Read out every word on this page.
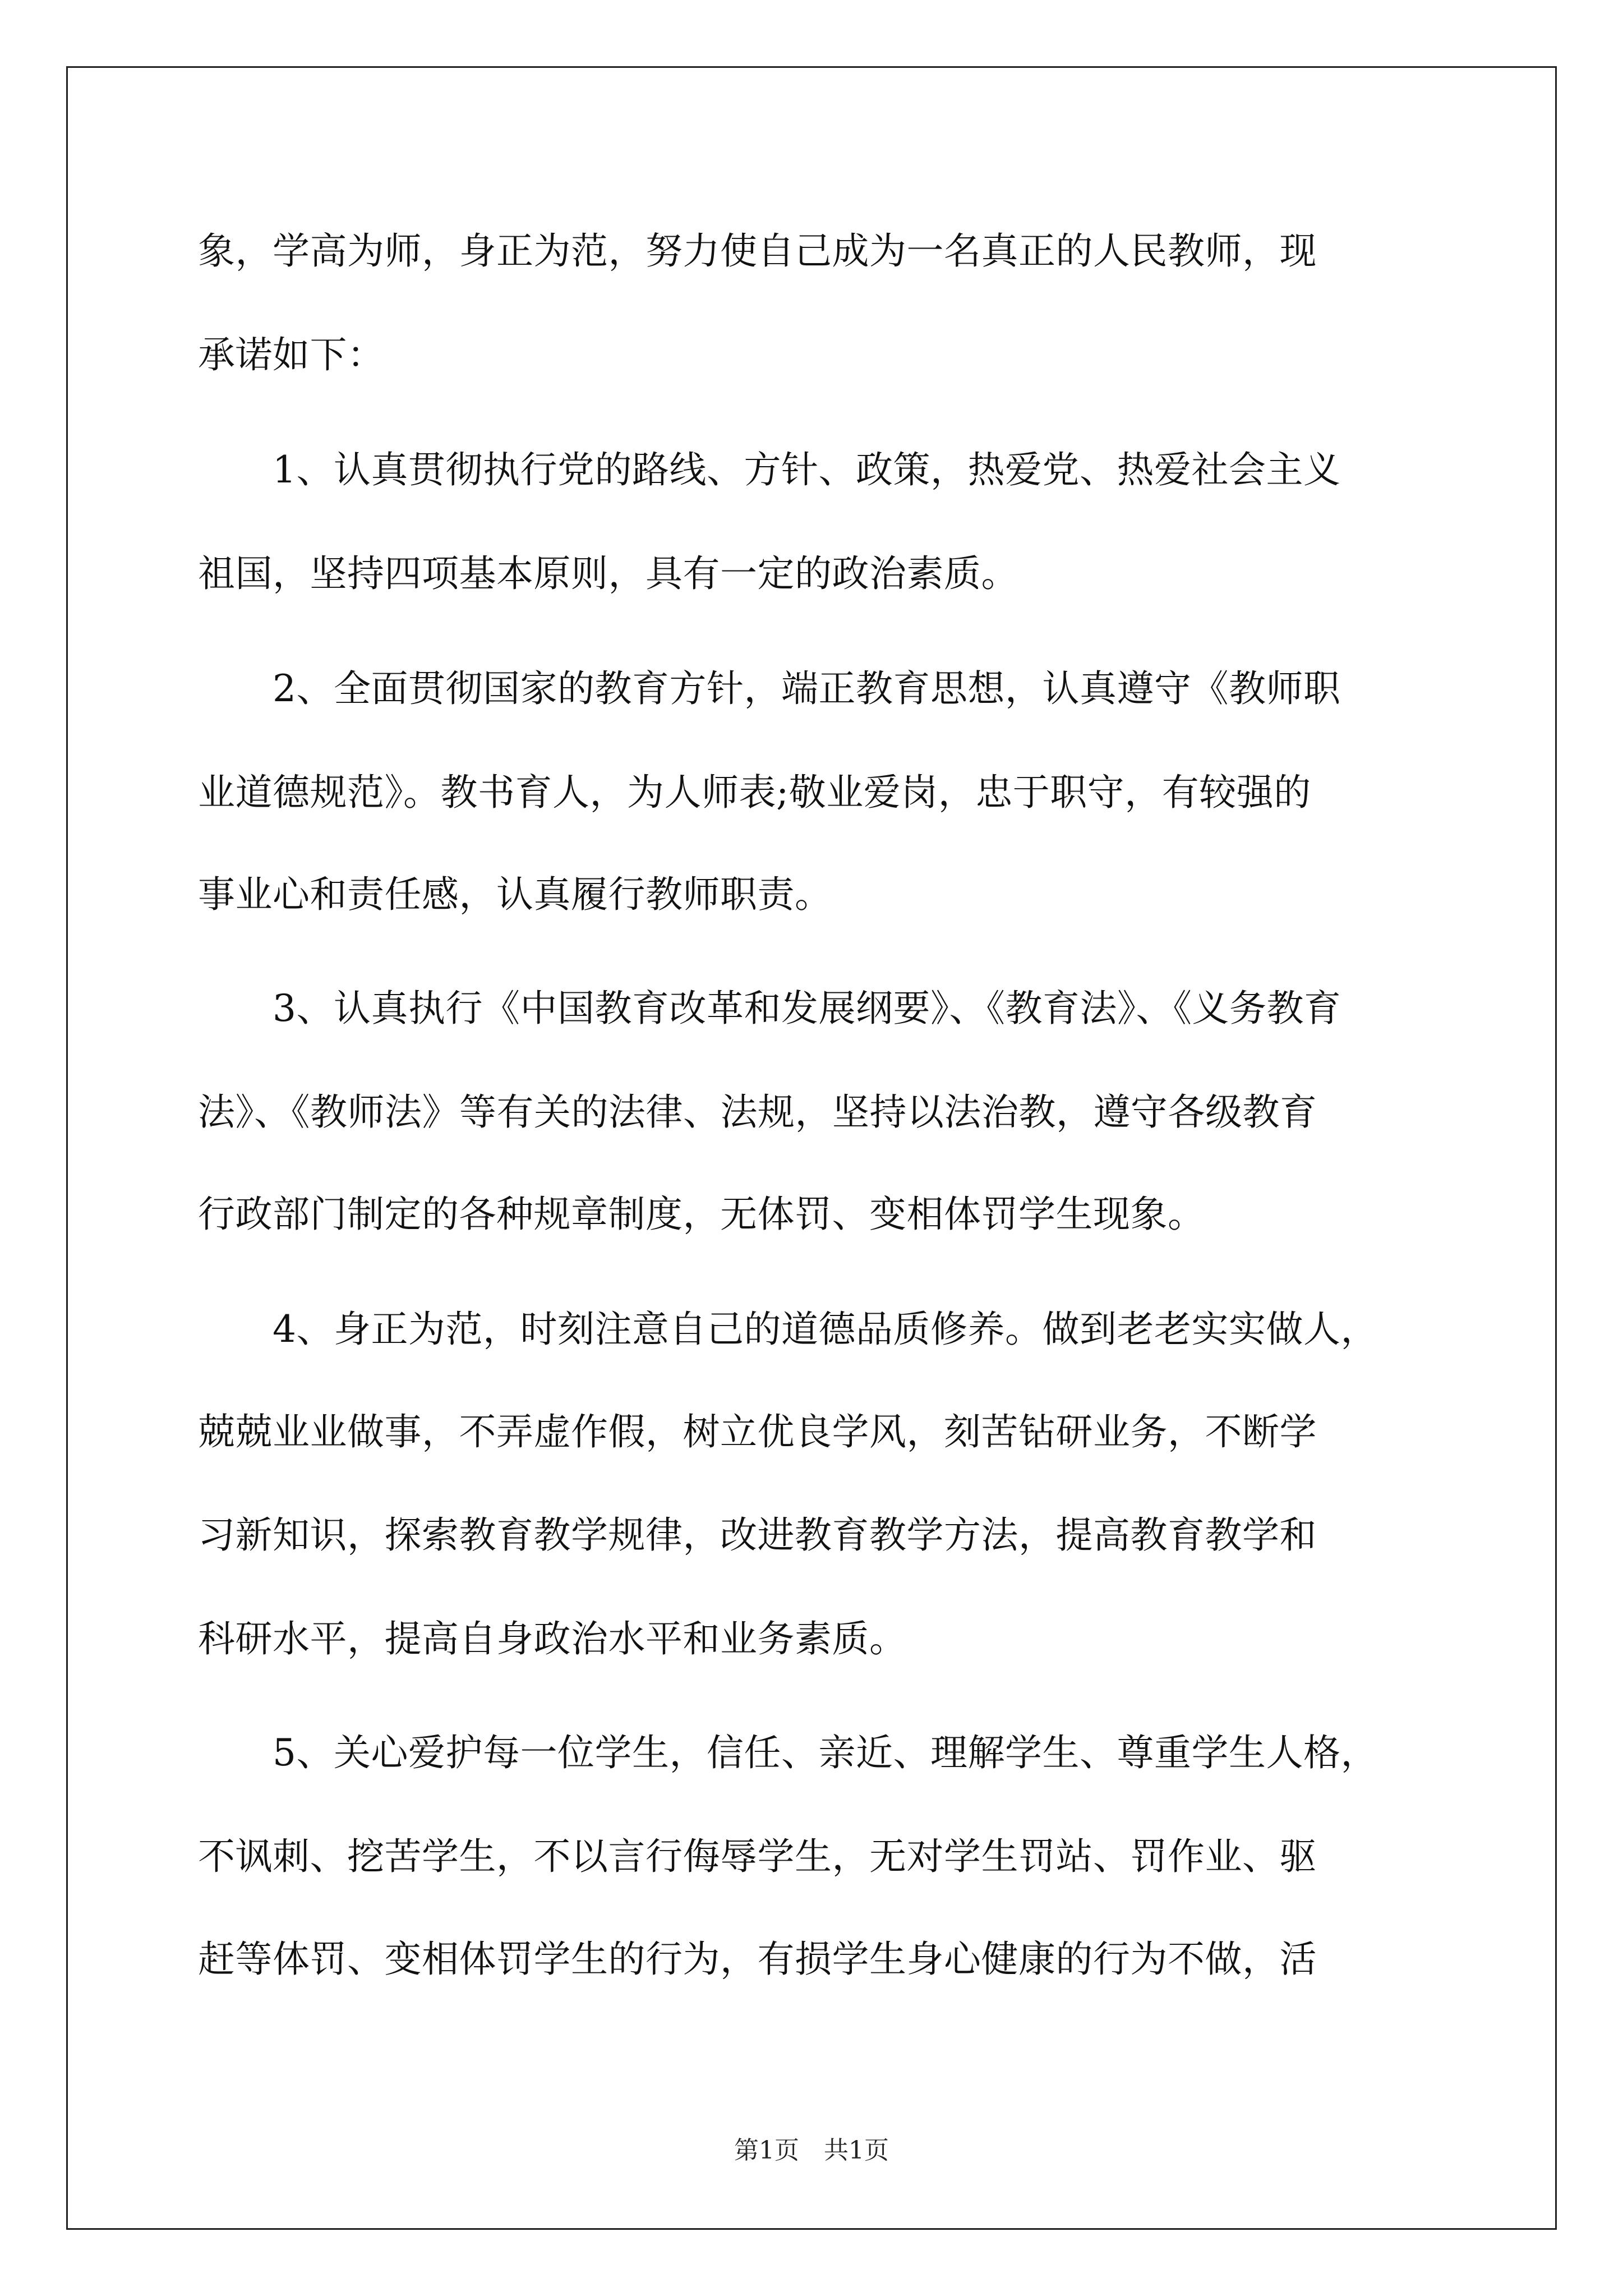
象，学高为师，身正为范，努力使自己成为一名真正的人民教师，现
承诺如下：
　　1、认真贯彻执行党的路线、方针、政策，热爱党、热爱社会主义
祖国，坚持四项基本原则，具有一定的政治素质。
　　2、全面贯彻国家的教育方针，端正教育思想，认真遵守《教师职
业道德规范》。教书育人，为人师表;敬业爱岗，忠于职守，有较强的
事业心和责任感，认真履行教师职责。
　　3、认真执行《中国教育改革和发展纲要》、《教育法》、《义务教育
法》、《教师法》等有关的法律、法规，坚持以法治教，遵守各级教育
行政部门制定的各种规章制度，无体罚、变相体罚学生现象。
　　4、身正为范，时刻注意自己的道德品质修养。做到老老实实做人，
兢兢业业做事，不弄虚作假，树立优良学风，刻苦钻研业务，不断学
习新知识，探索教育教学规律，改进教育教学方法，提高教育教学和
科研水平，提高自身政治水平和业务素质。
　　5、关心爱护每一位学生，信任、亲近、理解学生、尊重学生人格，
不讽刺、挖苦学生，不以言行侮辱学生，无对学生罚站、罚作业、驱
赶等体罚、变相体罚学生的行为，有损学生身心健康的行为不做，活
第1页　共1页
